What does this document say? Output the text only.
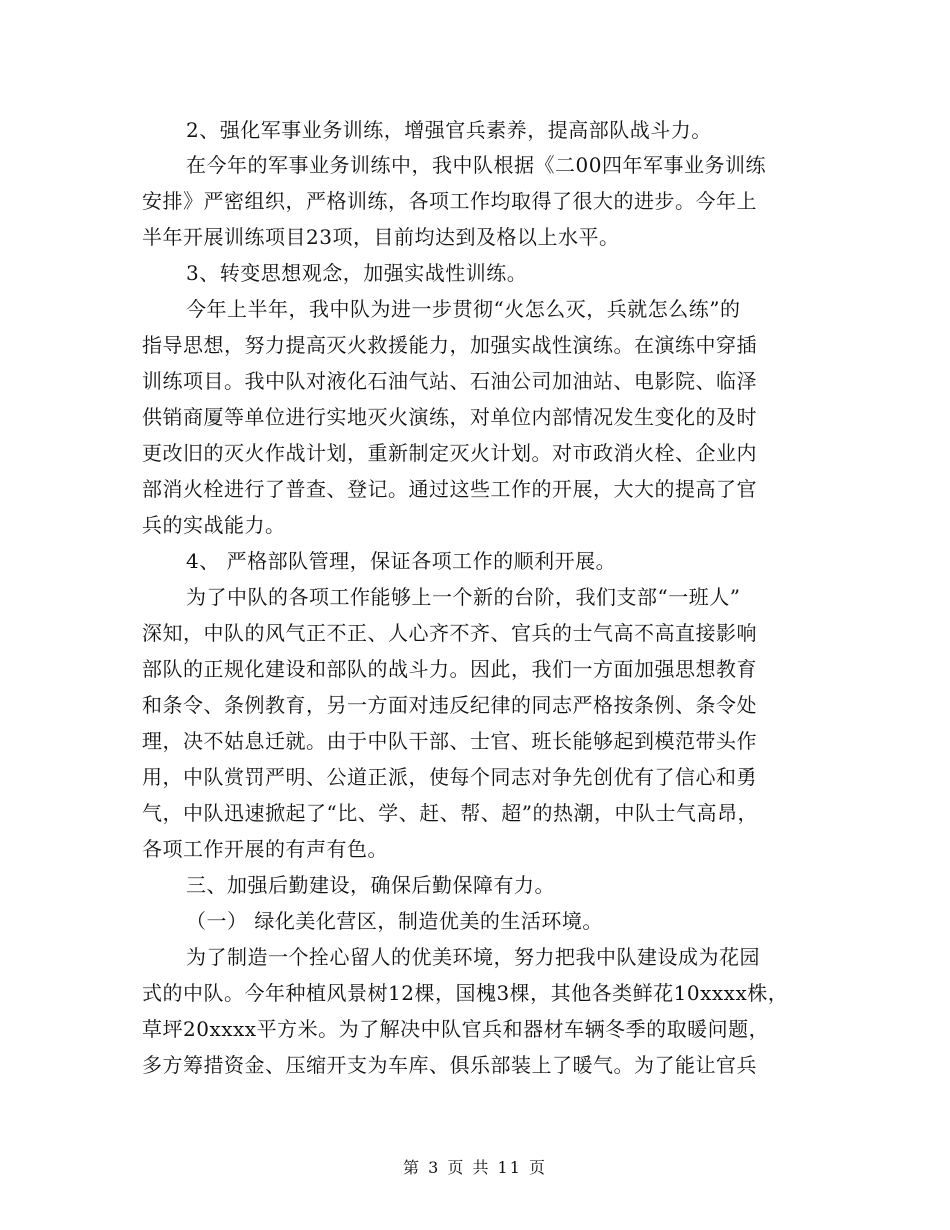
2、强化军事业务训练，增强官兵素养，提高部队战斗力。
在今年的军事业务训练中，我中队根据《二00四年军事业务训练
安排》严密组织，严格训练，各项工作均取得了很大的进步。今年上
半年开展训练项目23项，目前均达到及格以上水平。
3、转变思想观念，加强实战性训练。
今年上半年，我中队为进一步贯彻“火怎么灭，兵就怎么练”的
指导思想，努力提高灭火救援能力，加强实战性演练。在演练中穿插
训练项目。我中队对液化石油气站、石油公司加油站、电影院、临泽
供销商厦等单位进行实地灭火演练，对单位内部情况发生变化的及时
更改旧的灭火作战计划，重新制定灭火计划。对市政消火栓、企业内
部消火栓进行了普查、登记。通过这些工作的开展，大大的提高了官
兵的实战能力。
4、 严格部队管理，保证各项工作的顺利开展。
为了中队的各项工作能够上一个新的台阶，我们支部“一班人”
深知，中队的风气正不正、人心齐不齐、官兵的士气高不高直接影响
部队的正规化建设和部队的战斗力。因此，我们一方面加强思想教育
和条令、条例教育，另一方面对违反纪律的同志严格按条例、条令处
理，决不姑息迁就。由于中队干部、士官、班长能够起到模范带头作
用，中队赏罚严明、公道正派，使每个同志对争先创优有了信心和勇
气，中队迅速掀起了“比、学、赶、帮、超”的热潮，中队士气高昂，
各项工作开展的有声有色。
三、加强后勤建设，确保后勤保障有力。
（一） 绿化美化营区，制造优美的生活环境。
为了制造一个拴心留人的优美环境，努力把我中队建设成为花园
式的中队。今年种植风景树12棵，国槐3棵，其他各类鲜花10xxxx株，
草坪20xxxx平方米。为了解决中队官兵和器材车辆冬季的取暖问题，
多方筹措资金、压缩开支为车库、俱乐部装上了暖气。为了能让官兵
第 3 页 共 11 页
